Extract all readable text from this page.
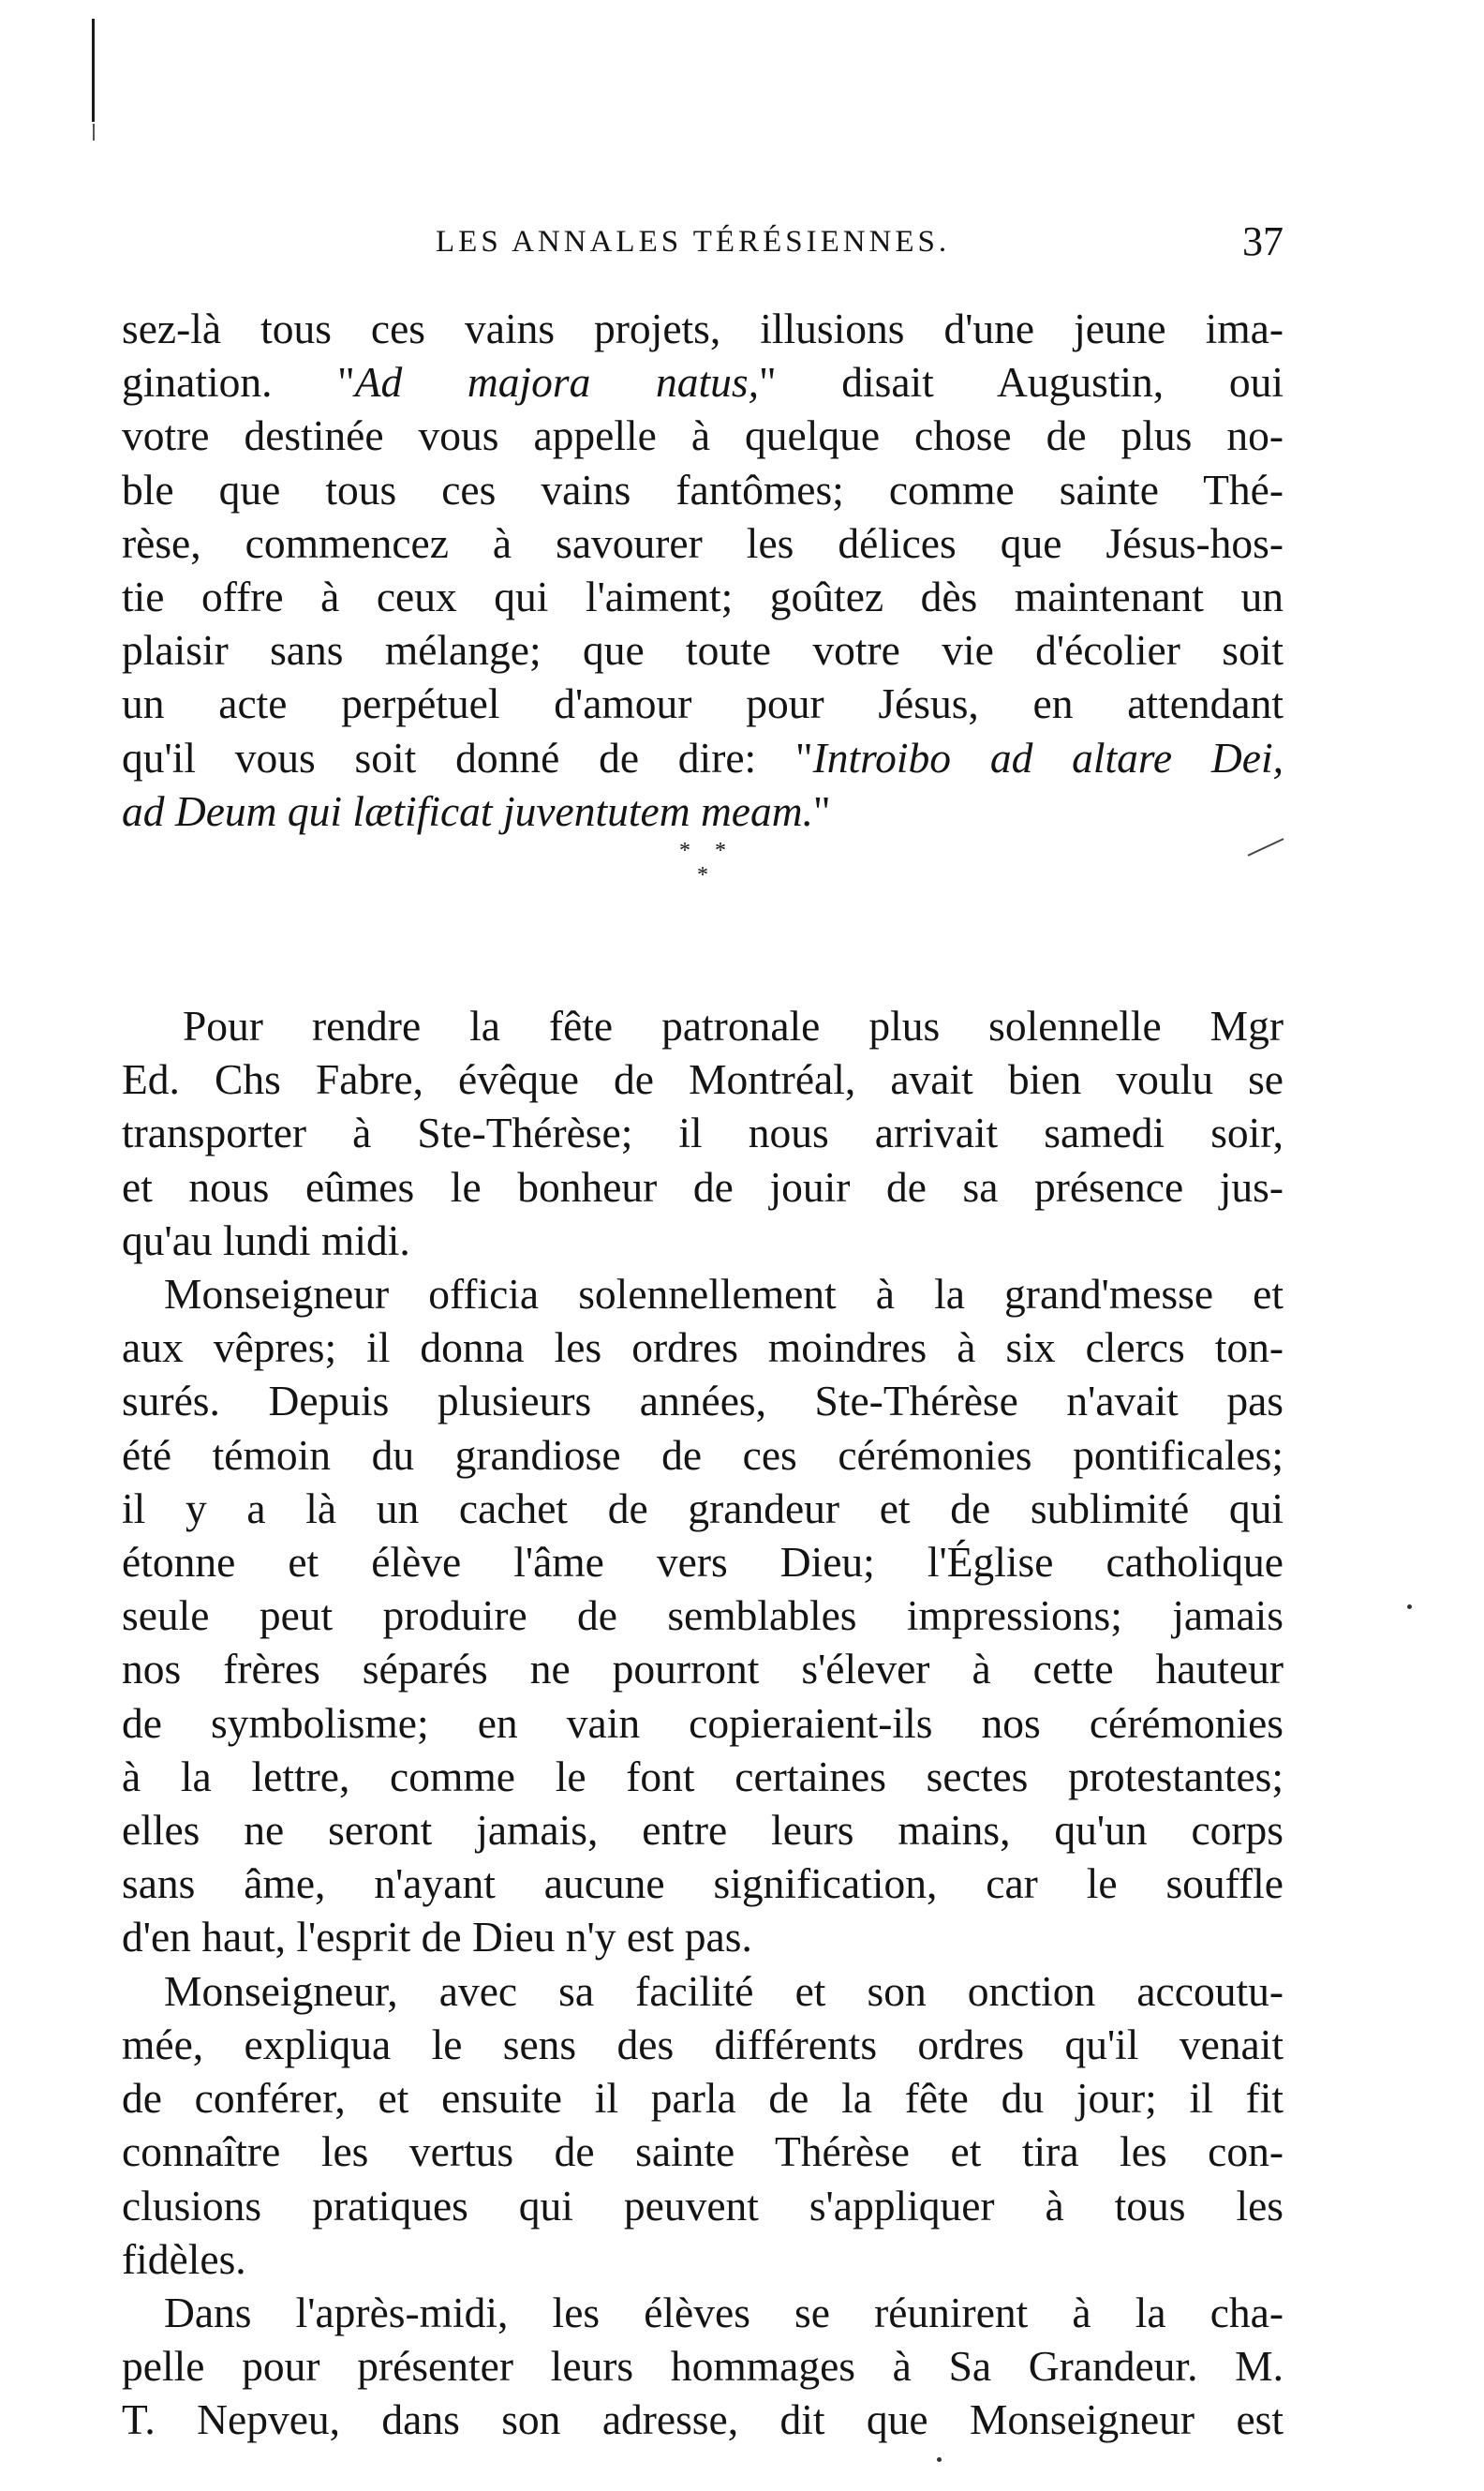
LES ANNALES TÉRÉSIENNES.	37
* *
*
sez-là tous ces vains projets, illusions d'une jeune ima-
gination. "Ad majora natus," disait Augustin, oui
votre destinée vous appelle à quelque chose de plus no-
ble que tous ces vains fantômes; comme sainte Thé-
rèse, commencez à savourer les délices que Jésus-hos-
tie offre à ceux qui l'aiment; goûtez dès maintenant un
plaisir sans mélange; que toute votre vie d'écolier soit
un acte perpétuel d'amour pour Jésus, en attendant
qu'il vous soit donné de dire: "Introibo ad altare Dei,
ad Deum qui lætificat juventutem meam."
Pour rendre la fête patronale plus solennelle Mgr
Ed. Chs Fabre, évêque de Montréal, avait bien voulu se
transporter à Ste-Thérèse; il nous arrivait samedi soir,
et nous eûmes le bonheur de jouir de sa présence jus-
qu'au lundi midi.
Monseigneur officia solennellement à la grand'messe et
aux vêpres; il donna les ordres moindres à six clercs ton-
surés. Depuis plusieurs années, Ste-Thérèse n'avait pas
été témoin du grandiose de ces cérémonies pontificales;
il y a là un cachet de grandeur et de sublimité qui
étonne et élève l'âme vers Dieu; l'Église catholique
seule peut produire de semblables impressions; jamais
nos frères séparés ne pourront s'élever à cette hauteur
de symbolisme; en vain copieraient-ils nos cérémonies
à la lettre, comme le font certaines sectes protestantes;
elles ne seront jamais, entre leurs mains, qu'un corps
sans âme, n'ayant aucune signification, car le souffle
d'en haut, l'esprit de Dieu n'y est pas.
Monseigneur, avec sa facilité et son onction accoutu-
mée, expliqua le sens des différents ordres qu'il venait
de conférer, et ensuite il parla de la fête du jour; il fit
connaître les vertus de sainte Thérèse et tira les con-
clusions pratiques qui peuvent s'appliquer à tous les
fidèles.
Dans l'après-midi, les élèves se réunirent à la cha-
pelle pour présenter leurs hommages à Sa Grandeur. M.
T. Nepveu, dans son adresse, dit que Monseigneur est
